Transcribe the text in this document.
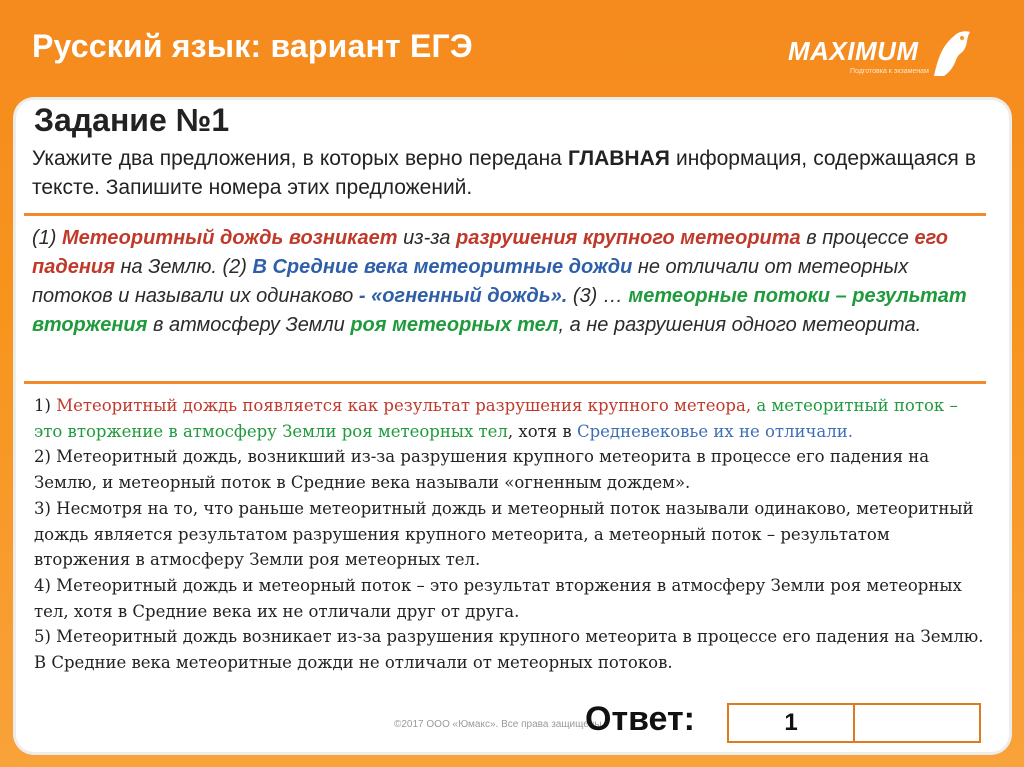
Русский язык: вариант ЕГЭ	MAXIMUM
Подготовка к экзаменам
Задание №1
Укажите два предложения, в которых верно передана ГЛАВНАЯ информация, содержащаяся в тексте. Запишите номера этих предложений.
(1) Метеоритный дождь возникает из-за разрушения крупного метеорита в процессе его падения на Землю. (2) В Средние века метеоритные дожди не отличали от метеорных потоков и называли их одинаково - «огненный дождь». (3) … метеорные потоки – результат вторжения в атмосферу Земли роя метеорных тел, а не разрушения одного метеорита.

1) Метеоритный дождь появляется как результат разрушения крупного метеора, а метеоритный поток – это вторжение в атмосферу Земли роя метеорных тел, хотя в Средневековье их не отличали.

2) Метеоритный дождь, возникший из-за разрушения крупного метеорита в процессе его падения на Землю, и метеорный поток в Средние века называли «огненным дождем».

3) Несмотря на то, что раньше метеоритный дождь и метеорный поток называли одинаково, метеоритный дождь является результатом разрушения крупного метеорита, а метеорный поток – результатом вторжения в атмосферу Земли роя метеорных тел.

4) Метеоритный дождь и метеорный поток – это результат вторжения в атмосферу Земли роя метеорных тел, хотя в Средние века их не отличали друг от друга.

5) Метеоритный дождь возникает из-за разрушения крупного метеорита в процессе его падения на Землю. В Средние века метеоритные дожди не отличали от метеорных потоков.

©2017 ООО «Юмакс». Все права защищены
Ответ:	1
